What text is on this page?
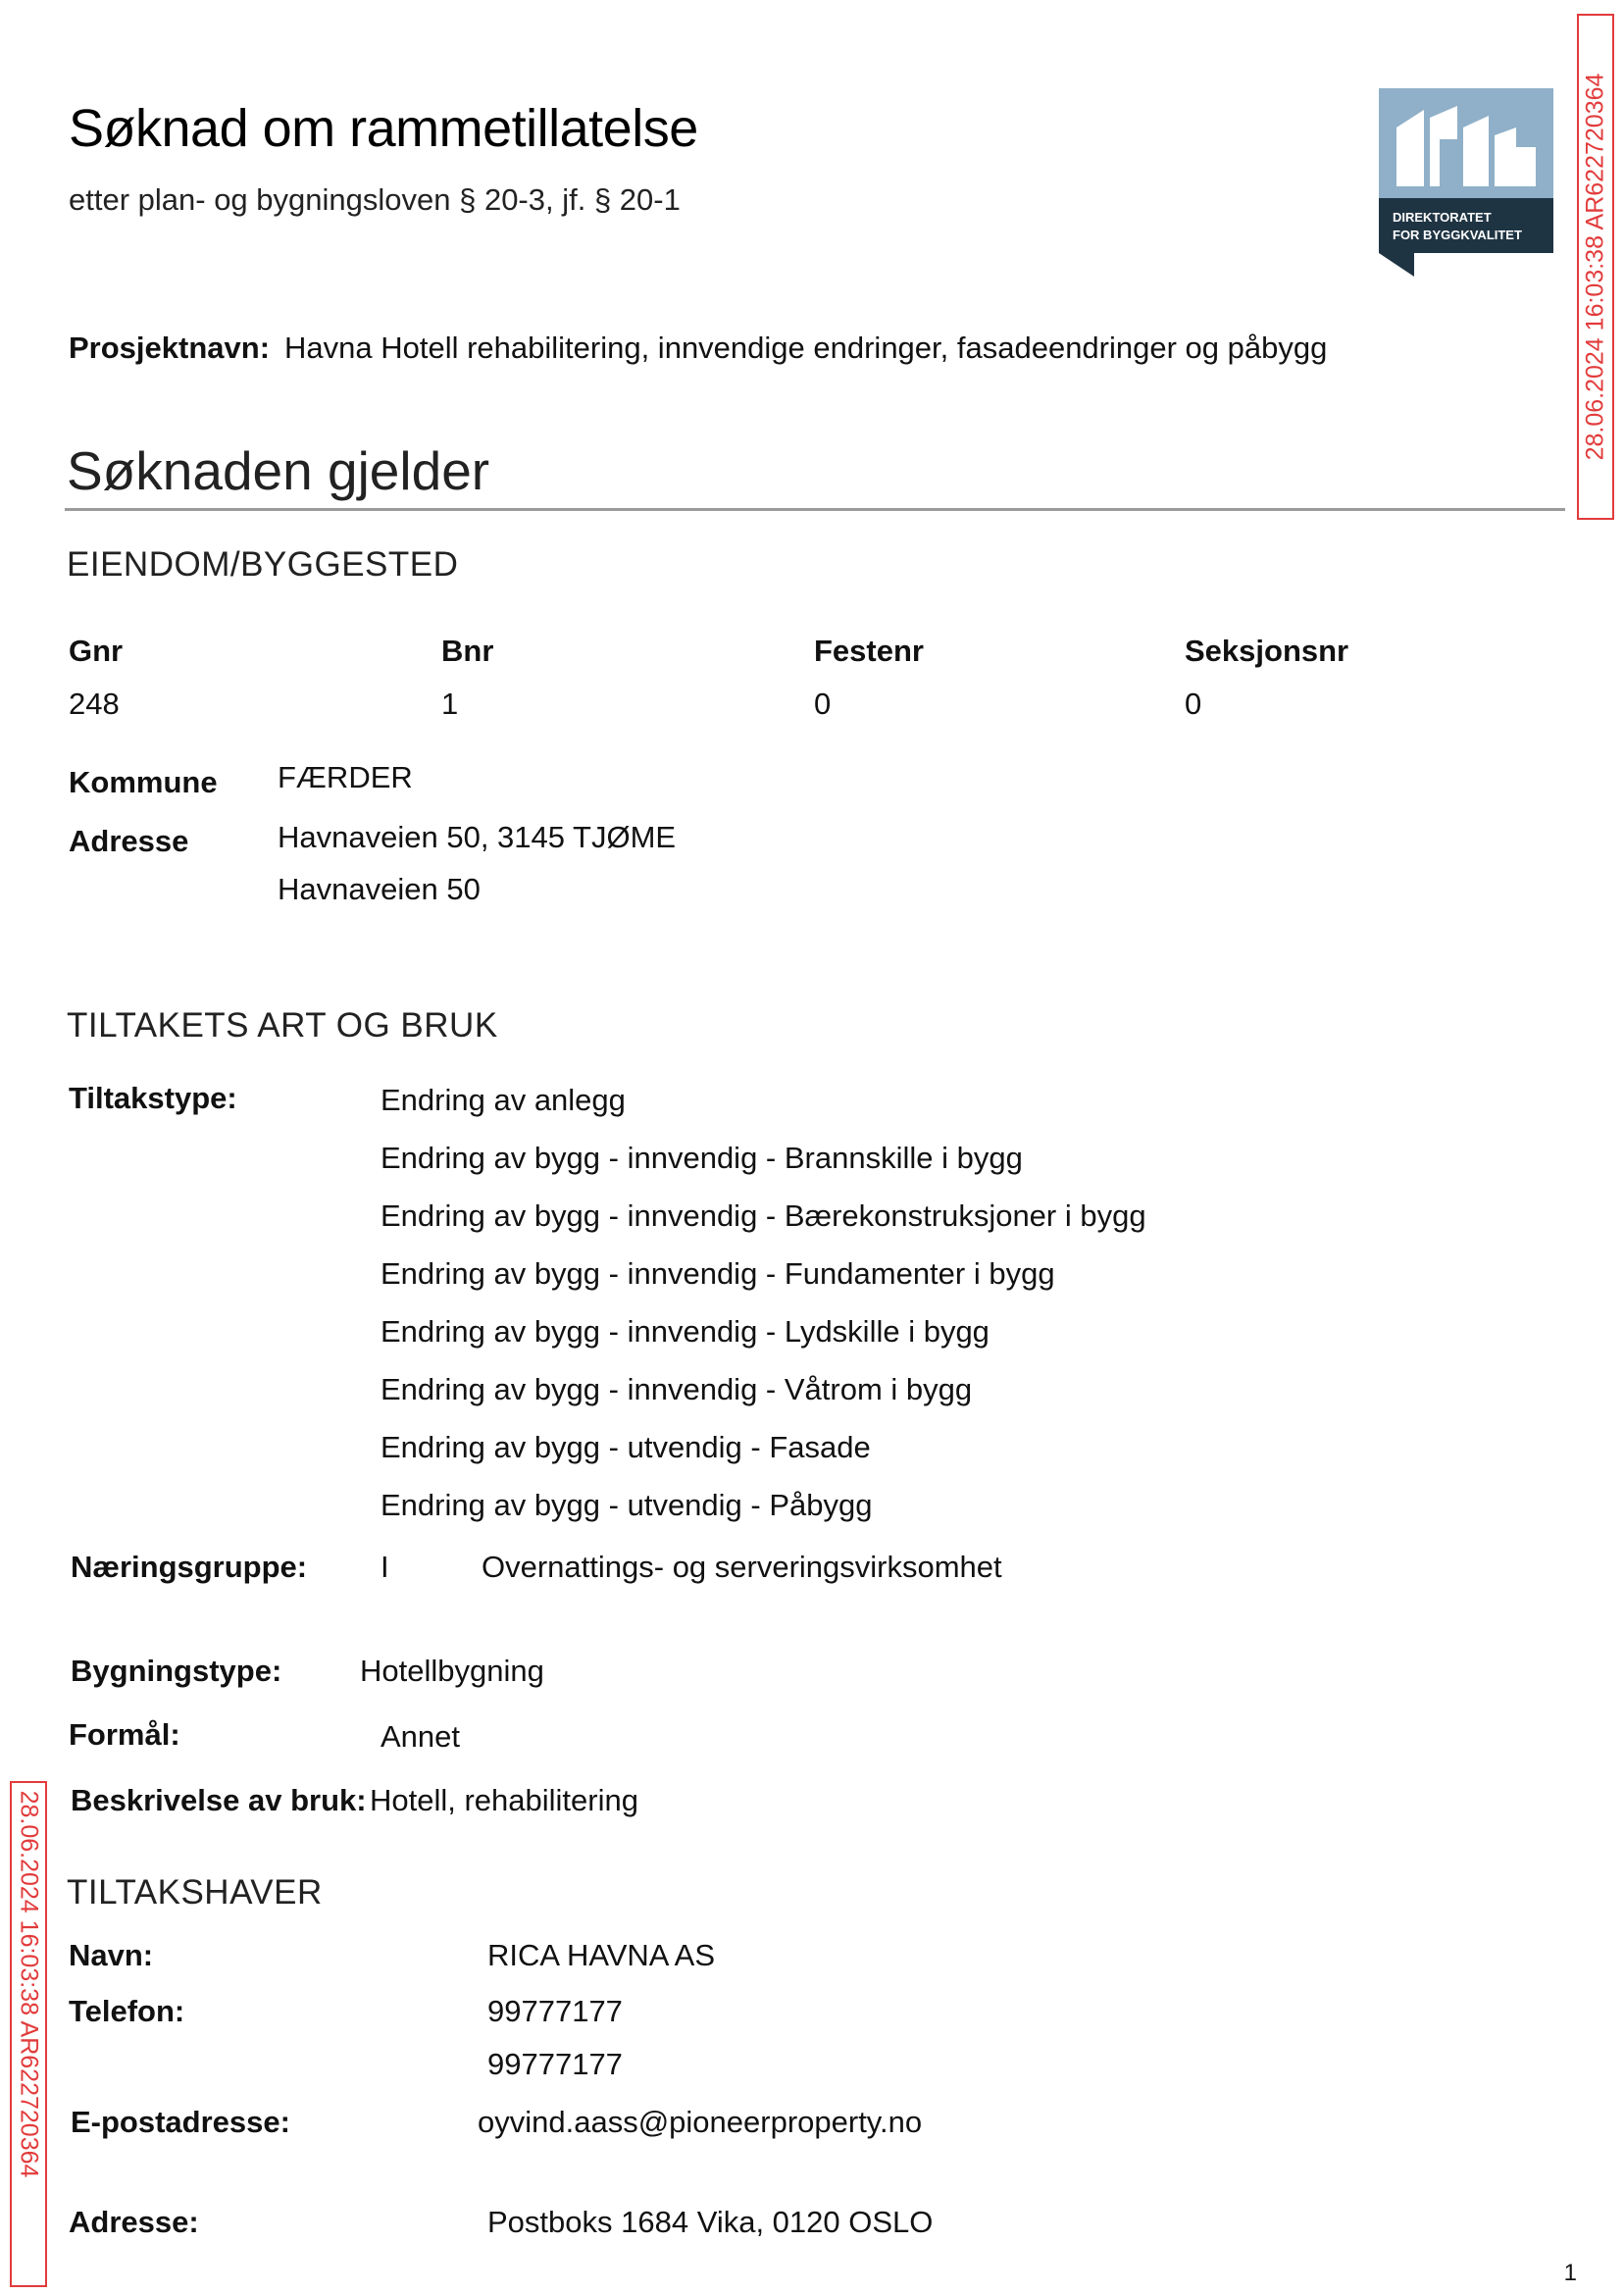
Søknad om rammetillatelse
etter plan- og bygningsloven § 20-3, jf. § 20-1
DIREKTORATET
FOR BYGGKVALITET 28.06.2024 16:03:38 AR622720364
28.06.2024 16:03:38 AR622720364
Prosjektnavn: Havna Hotell rehabilitering, innvendige endringer, fasadeendringer og påbygg
Søknaden gjelder
EIENDOM/BYGGESTED
Gnr	Bnr	Festenr	Seksjonsnr
248	1	0	0
Kommune FÆRDER
Adresse	Havnaveien 50, 3145 TJØME
Havnaveien 50
TILTAKETS ART OG BRUK
Tiltakstype:	Endring av anlegg
Endring av bygg - innvendig - Brannskille i bygg
Endring av bygg - innvendig - Bærekonstruksjoner i bygg
Endring av bygg - innvendig - Fundamenter i bygg
Endring av bygg - innvendig - Lydskille i bygg
Endring av bygg - innvendig - Våtrom i bygg
Endring av bygg - utvendig - Fasade
Endring av bygg - utvendig - Påbygg
Næringsgruppe: I	Overnattings- og serveringsvirksomhet
Bygningstype:	Hotellbygning
Formål:	Annet
Beskrivelse av bruk: Hotell, rehabilitering
TILTAKSHAVER
Navn:	RICA HAVNA AS
Telefon:	99777177
99777177
E-postadresse:	oyvind.aass@pioneerproperty.no
Adresse:	Postboks 1684 Vika, 0120 OSLO
1
